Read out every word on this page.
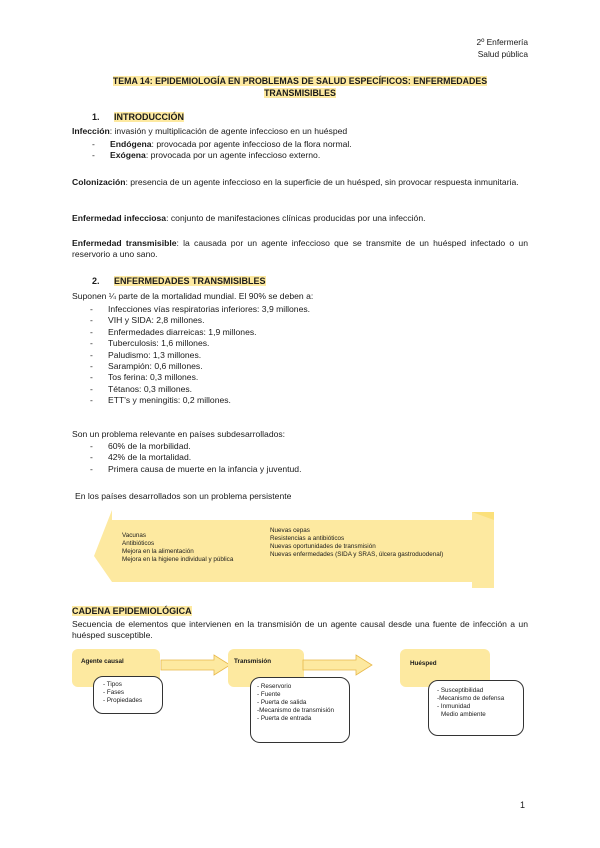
2º Enfermería
Salud pública
TEMA 14: EPIDEMIOLOGÍA EN PROBLEMAS DE SALUD ESPECÍFICOS: ENFERMEDADES
TRANSMISIBLES
1. INTRODUCCIÓN
Infección: invasión y multiplicación de agente infeccioso en un huésped
- Endógena: provocada por agente infeccioso de la flora normal.
- Exógena: provocada por un agente infeccioso externo.
Colonización: presencia de un agente infeccioso en la superficie de un huésped, sin provocar respuesta inmunitaria.
Enfermedad infecciosa: conjunto de manifestaciones clínicas producidas por una infección.
Enfermedad transmisible: la causada por un agente infeccioso que se transmite de un huésped infectado o un reservorio a uno sano.
2. ENFERMEDADES TRANSMISIBLES
Suponen ¼ parte de la mortalidad mundial. El 90% se deben a:
- Infecciones vías respiratorias inferiores: 3,9 millones.
- VIH y SIDA: 2,8 millones.
- Enfermedades diarreicas: 1,9 millones.
- Tuberculosis: 1,6 millones.
- Paludismo: 1,3 millones.
- Sarampión: 0,6 millones.
- Tos ferina: 0,3 millones.
- Tétanos: 0,3 millones.
- ETT's y meningitis: 0,2 millones.
Son un problema relevante en países subdesarrollados:
- 60% de la morbilidad.
- 42% de la mortalidad.
- Primera causa de muerte en la infancia y juventud.
En los países desarrollados son un problema persistente
Vacunas
Antibióticos
Mejora en la alimentación
Mejora en la higiene individual y pública
Nuevas cepas
Resistencias a antibióticos
Nuevas oportunidades de transmisión
Nuevas enfermedades (SIDA y SRAS, úlcera gastroduodenal)
CADENA EPIDEMIOLÓGICA
Secuencia de elementos que intervienen en la transmisión de un agente causal desde una fuente de infección a un huésped susceptible.
Agente causal
- Tipos
- Fases
- Propiedades
Transmisión
- Reservorio
- Fuente
- Puerta de salida
-Mecanismo de transmisión
- Puerta de entrada
Huésped
- Susceptibilidad
-Mecanismo de defensa
- Inmunidad
Medio ambiente
1
